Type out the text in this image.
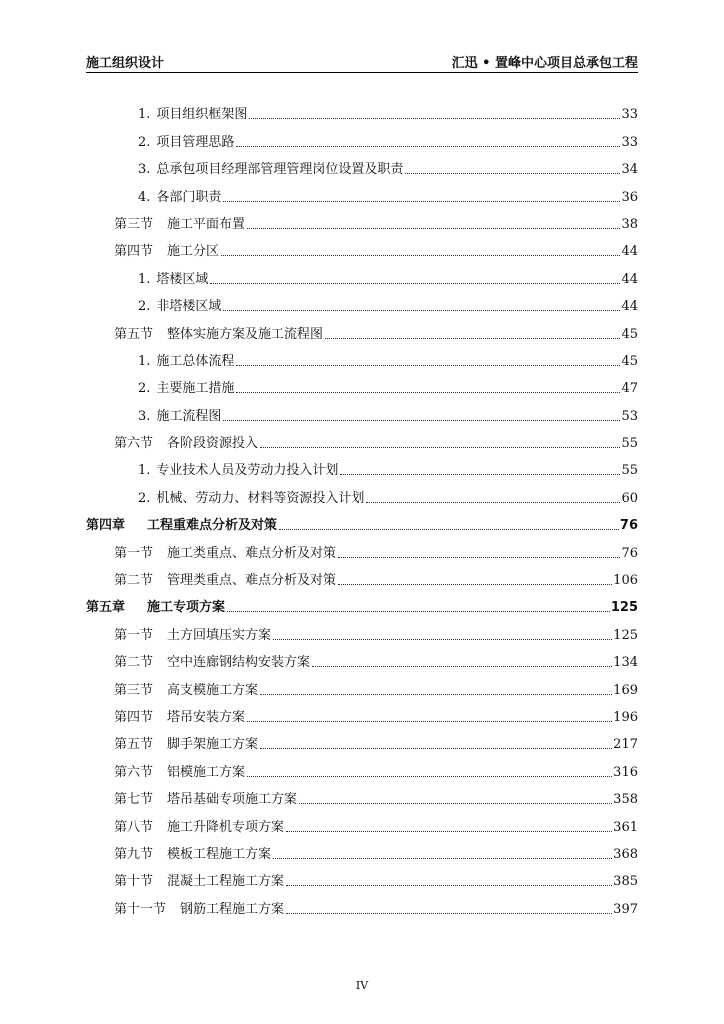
施工组织设计	汇迅 • 置峰中心项目总承包工程
1. 项目组织框架图	33
2. 项目管理思路	33
3. 总承包项目经理部管理管理岗位设置及职责	34
4. 各部门职责	36
第三节 施工平面布置	38
第四节 施工分区	44
1. 塔楼区域	44
2. 非塔楼区域	44
第五节 整体实施方案及施工流程图	45
1. 施工总体流程	45
2. 主要施工措施	47
3. 施工流程图	53
第六节 各阶段资源投入	55
1. 专业技术人员及劳动力投入计划	55
2. 机械、劳动力、材料等资源投入计划	60
第四章 工程重难点分析及对策	76
第一节 施工类重点、难点分析及对策	76
第二节 管理类重点、难点分析及对策	106
第五章 施工专项方案	125
第一节 土方回填压实方案	125
第二节 空中连廊钢结构安装方案	134
第三节 高支模施工方案	169
第四节 塔吊安装方案	196
第五节 脚手架施工方案	217
第六节 铝模施工方案	316
第七节 塔吊基础专项施工方案	358
第八节 施工升降机专项方案	361
第九节 模板工程施工方案	368
第十节 混凝土工程施工方案	385
第十一节 钢筋工程施工方案	397
IV
